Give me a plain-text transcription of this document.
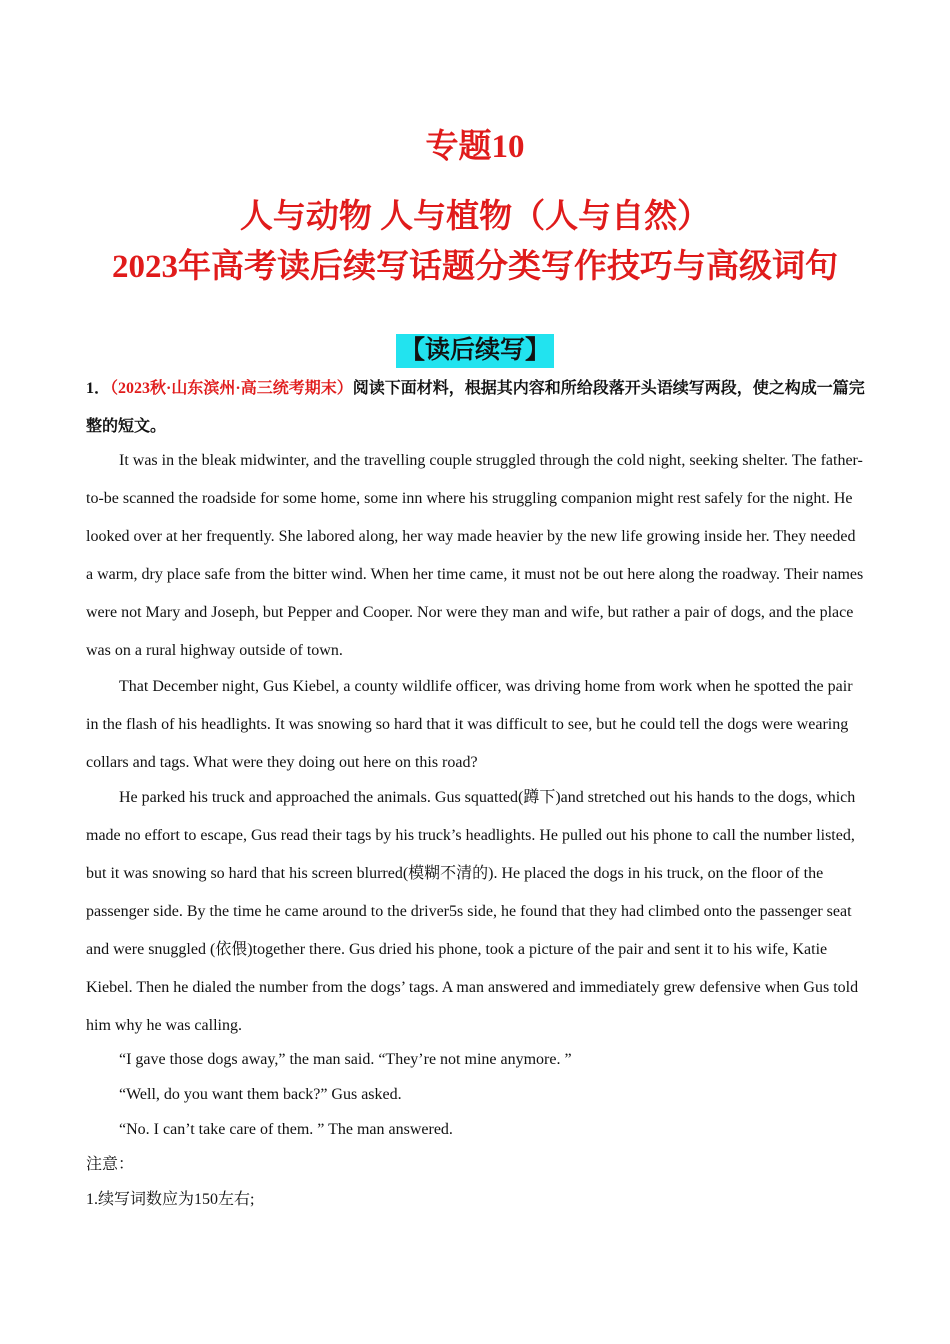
专题10
人与动物 人与植物（人与自然）
2023年高考读后续写话题分类写作技巧与高级词句
【读后续写】
1．（2023秋·山东滨州·高三统考期末）阅读下面材料，根据其内容和所给段落开头语续写两段，使之构成一篇完整的短文。

It was in the bleak midwinter, and the travelling couple struggled through the cold night, seeking shelter. The father-to-be scanned the roadside for some home, some inn where his struggling companion might rest safely for the night. He looked over at her frequently. She labored along, her way made heavier by the new life growing inside her. They needed a warm, dry place safe from the bitter wind. When her time came, it must not be out here along the roadway. Their names were not Mary and Joseph, but Pepper and Cooper. Nor were they man and wife, but rather a pair of dogs, and the place was on a rural highway outside of town.

That December night, Gus Kiebel, a county wildlife officer, was driving home from work when he spotted the pair in the flash of his headlights. It was snowing so hard that it was difficult to see, but he could tell the dogs were wearing collars and tags. What were they doing out here on this road?

He parked his truck and approached the animals. Gus squatted(蹲下)and stretched out his hands to the dogs, which made no effort to escape, Gus read their tags by his truck’s headlights. He pulled out his phone to call the number listed, but it was snowing so hard that his screen blurred(模糊不清的). He placed the dogs in his truck, on the floor of the passenger side. By the time he came around to the driver5s side, he found that they had climbed onto the passenger seat and were snuggled (依偎)together there. Gus dried his phone, took a picture of the pair and sent it to his wife, Katie Kiebel. Then he dialed the number from the dogs’ tags. A man answered and immediately grew defensive when Gus told him why he was calling.

“I gave those dogs away,” the man said. “They’re not mine anymore. ”

“Well, do you want them back?” Gus asked.

“No. I can’t take care of them. ” The man answered.

注意：
1.续写词数应为150左右;
